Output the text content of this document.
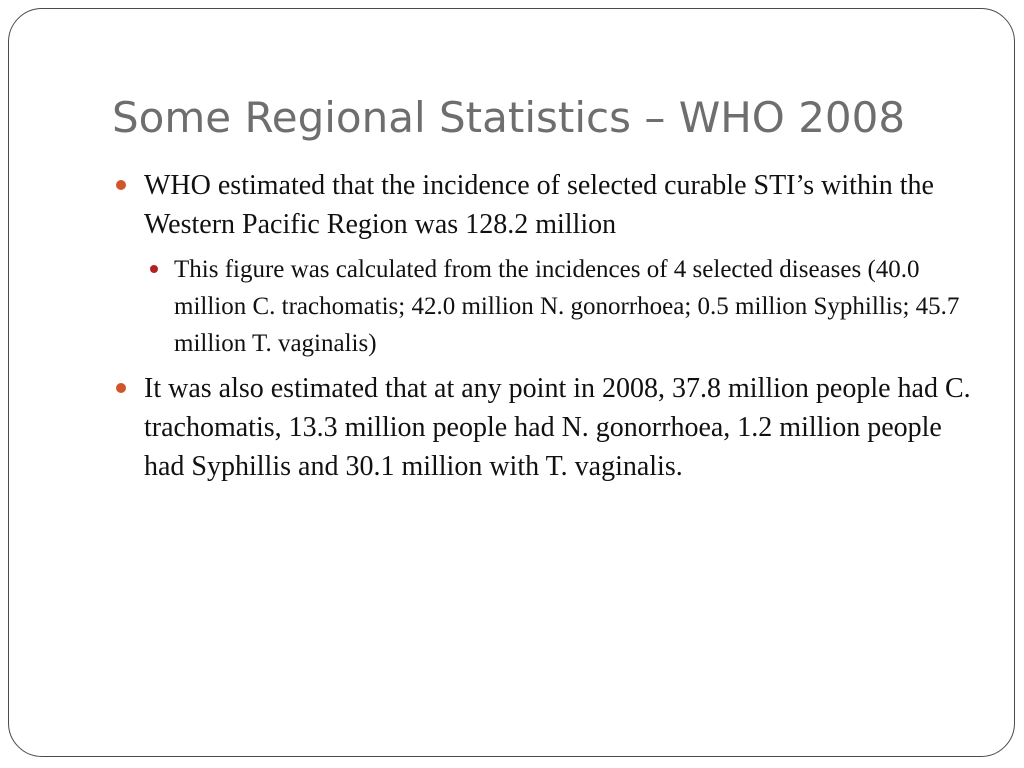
Some Regional Statistics – WHO 2008
WHO estimated that the incidence of selected curable STI’s within the Western Pacific Region was 128.2 million
This figure was calculated from the incidences of 4 selected diseases (40.0 million C. trachomatis; 42.0 million N. gonorrhoea; 0.5 million Syphillis; 45.7 million T. vaginalis)
It was also estimated that at any point in 2008, 37.8 million people had C. trachomatis, 13.3 million people had N. gonorrhoea, 1.2 million people had Syphillis and 30.1 million with T. vaginalis.
